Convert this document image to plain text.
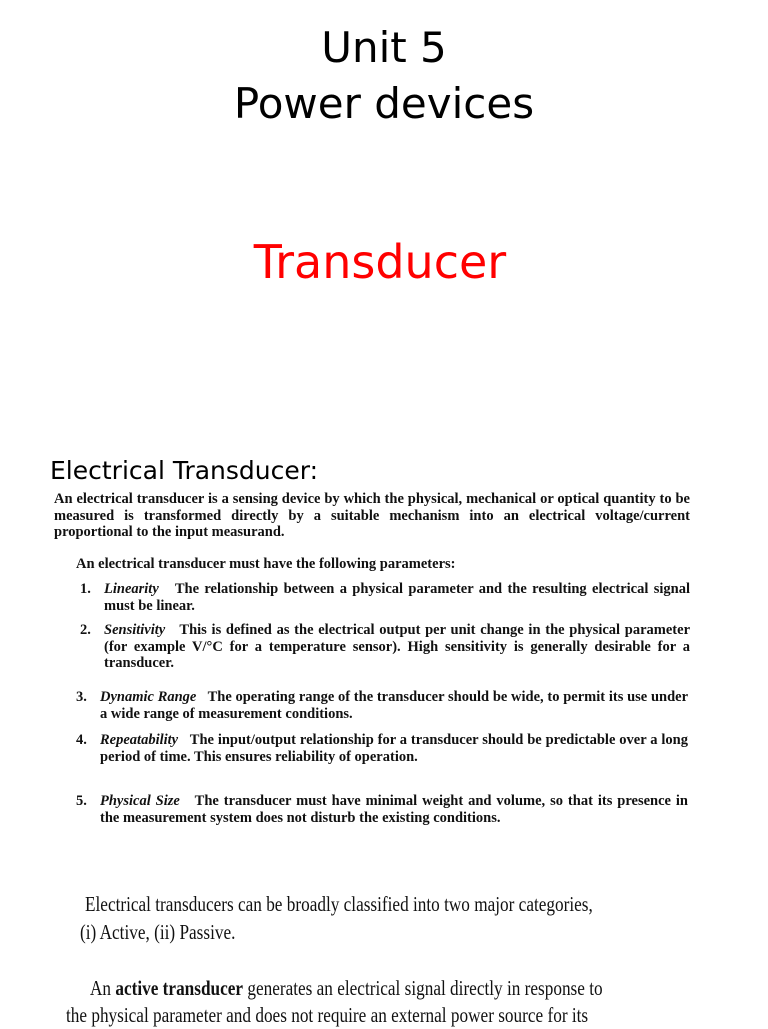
Unit 5
Power devices
Transducer
Electrical Transducer:
An electrical transducer is a sensing device by which the physical, mechanical or optical quantity to be measured is transformed directly by a suitable mechanism into an electrical voltage/current proportional to the input measurand.
An electrical transducer must have the following parameters:
1. Linearity The relationship between a physical parameter and the resulting electrical signal must be linear.
2. Sensitivity This is defined as the electrical output per unit change in the physical parameter (for example V/°C for a temperature sensor). High sensitivity is generally desirable for a transducer.
3. Dynamic Range The operating range of the transducer should be wide, to permit its use under a wide range of measurement conditions.
4. Repeatability The input/output relationship for a transducer should be predictable over a long period of time. This ensures reliability of operation.
5. Physical Size The transducer must have minimal weight and volume, so that its presence in the measurement system does not disturb the existing conditions.
Electrical transducers can be broadly classified into two major categories,
(i) Active, (ii) Passive.
An active transducer generates an electrical signal directly in response to
the physical parameter and does not require an external power source for its
